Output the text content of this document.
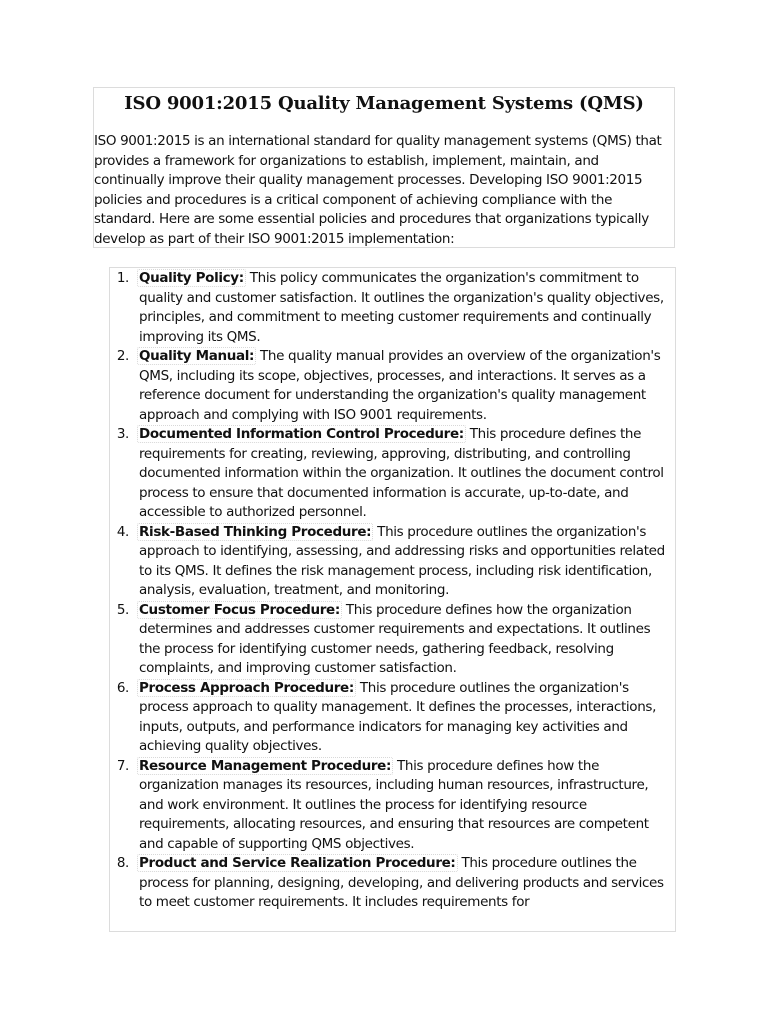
ISO 9001:2015 Quality Management Systems (QMS)

ISO 9001:2015 is an international standard for quality management systems (QMS) that provides a framework for organizations to establish, implement, maintain, and continually improve their quality management processes. Developing ISO 9001:2015 policies and procedures is a critical component of achieving compliance with the standard. Here are some essential policies and procedures that organizations typically develop as part of their ISO 9001:2015 implementation:

1. Quality Policy: This policy communicates the organization's commitment to quality and customer satisfaction. It outlines the organization's quality objectives, principles, and commitment to meeting customer requirements and continually improving its QMS.
2. Quality Manual: The quality manual provides an overview of the organization's QMS, including its scope, objectives, processes, and interactions. It serves as a reference document for understanding the organization's quality management approach and complying with ISO 9001 requirements.
3. Documented Information Control Procedure: This procedure defines the requirements for creating, reviewing, approving, distributing, and controlling documented information within the organization. It outlines the document control process to ensure that documented information is accurate, up-to-date, and accessible to authorized personnel.
4. Risk-Based Thinking Procedure: This procedure outlines the organization's approach to identifying, assessing, and addressing risks and opportunities related to its QMS. It defines the risk management process, including risk identification, analysis, evaluation, treatment, and monitoring.
5. Customer Focus Procedure: This procedure defines how the organization determines and addresses customer requirements and expectations. It outlines the process for identifying customer needs, gathering feedback, resolving complaints, and improving customer satisfaction.
6. Process Approach Procedure: This procedure outlines the organization's process approach to quality management. It defines the processes, interactions, inputs, outputs, and performance indicators for managing key activities and achieving quality objectives.
7. Resource Management Procedure: This procedure defines how the organization manages its resources, including human resources, infrastructure, and work environment. It outlines the process for identifying resource requirements, allocating resources, and ensuring that resources are competent and capable of supporting QMS objectives.
8. Product and Service Realization Procedure: This procedure outlines the process for planning, designing, developing, and delivering products and services to meet customer requirements. It includes requirements for
